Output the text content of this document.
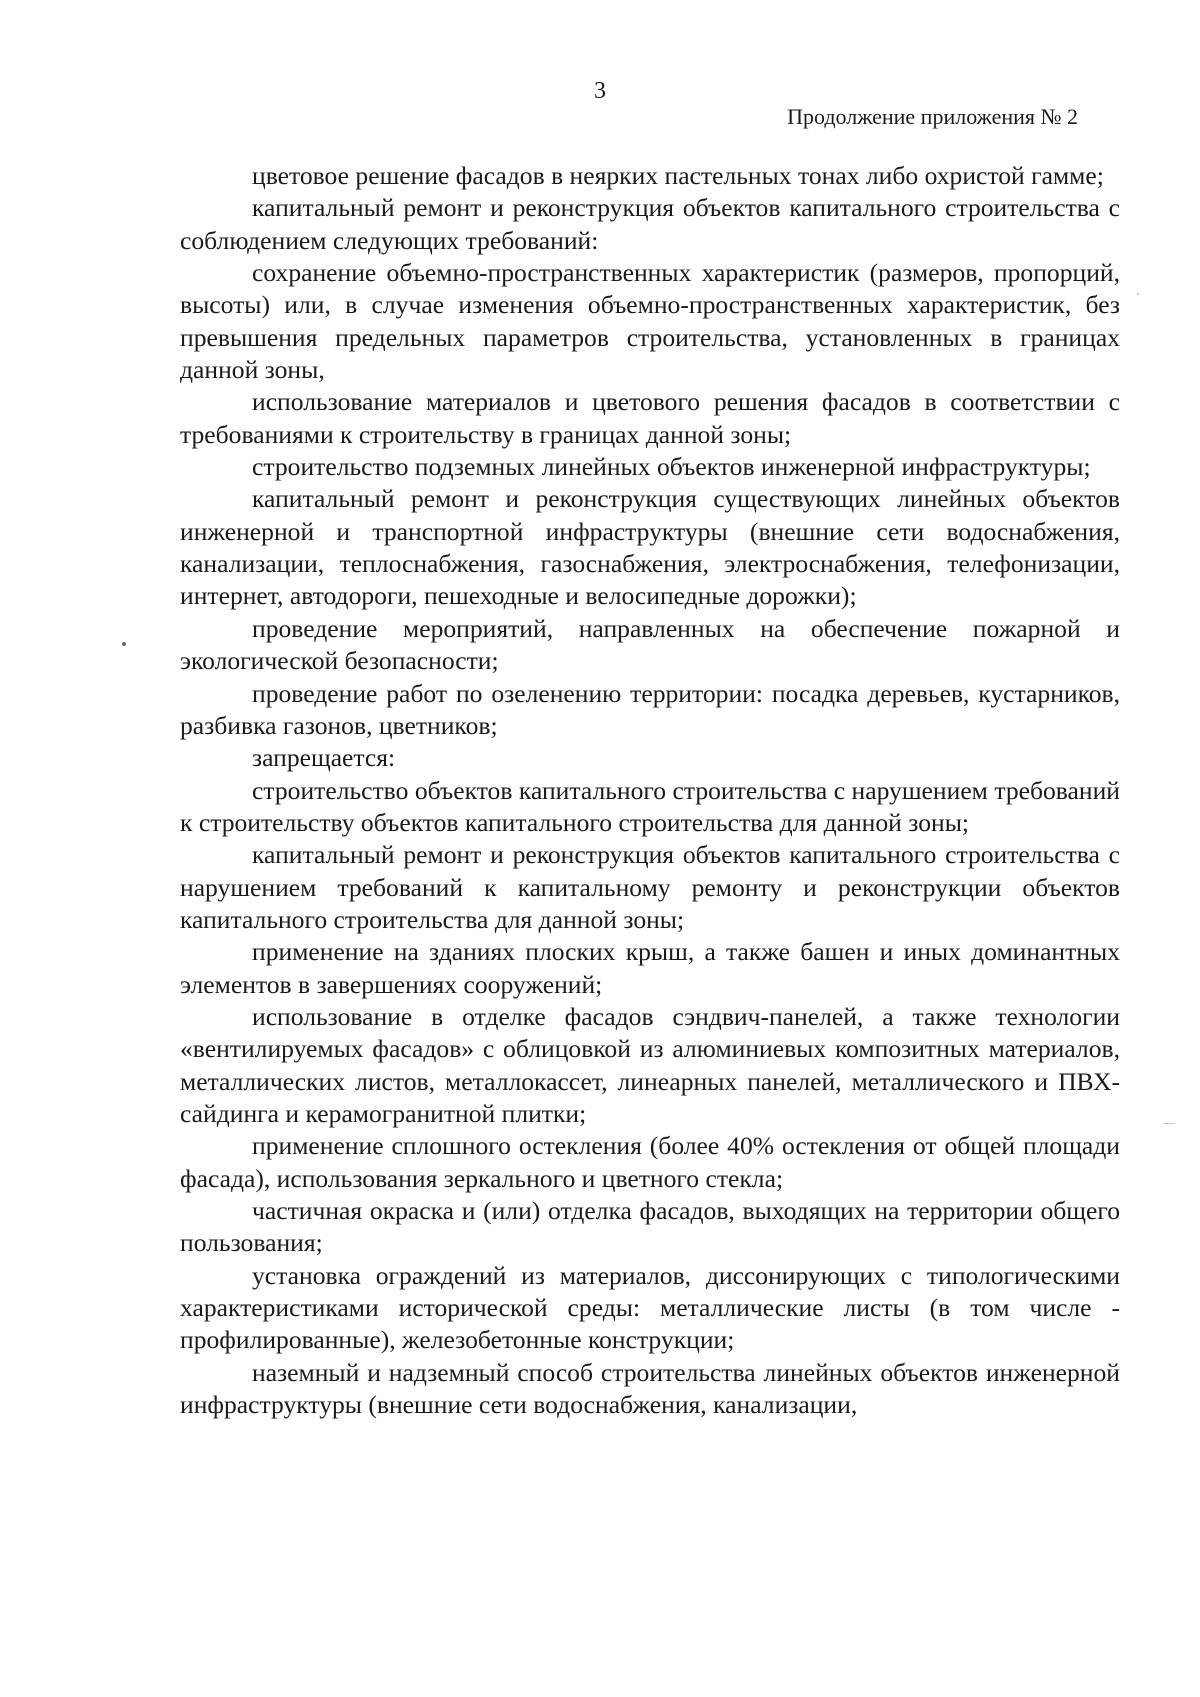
3
Продолжение приложения № 2

цветовое решение фасадов в неярких пастельных тонах либо охристой гамме;

капитальный ремонт и реконструкция объектов капитального строительства с соблюдением следующих требований:

сохранение объемно-пространственных характеристик (размеров, пропорций, высоты) или, в случае изменения объемно-пространственных характеристик, без превышения предельных параметров строительства, установленных в границах данной зоны,

использование материалов и цветового решения фасадов в соответствии с требованиями к строительству в границах данной зоны;

строительство подземных линейных объектов инженерной инфраструктуры;

капитальный ремонт и реконструкция существующих линейных объектов инженерной и транспортной инфраструктуры (внешние сети водоснабжения, канализации, теплоснабжения, газоснабжения, электроснабжения, телефонизации, интернет, автодороги, пешеходные и велосипедные дорожки);

проведение мероприятий, направленных на обеспечение пожарной и экологической безопасности;

проведение работ по озеленению территории: посадка деревьев, кустарников, разбивка газонов, цветников;

запрещается:

строительство объектов капитального строительства с нарушением требований к строительству объектов капитального строительства для данной зоны;

капитальный ремонт и реконструкция объектов капитального строительства с нарушением требований к капитальному ремонту и реконструкции объектов капитального строительства для данной зоны;

применение на зданиях плоских крыш, а также башен и иных доминантных элементов в завершениях сооружений;

использование в отделке фасадов сэндвич-панелей, а также технологии «вентилируемых фасадов» с облицовкой из алюминиевых композитных материалов, металлических листов, металлокассет, линеарных панелей, металлического и ПВХ-сайдинга и керамогранитной плитки;

применение сплошного остекления (более 40% остекления от общей площади фасада), использования зеркального и цветного стекла;

частичная окраска и (или) отделка фасадов, выходящих на территории общего пользования;

установка ограждений из материалов, диссонирующих с типологическими характеристиками исторической среды: металлические листы (в том числе - профилированные), железобетонные конструкции;

наземный и надземный способ строительства линейных объектов инженерной инфраструктуры (внешние сети водоснабжения, канализации,
